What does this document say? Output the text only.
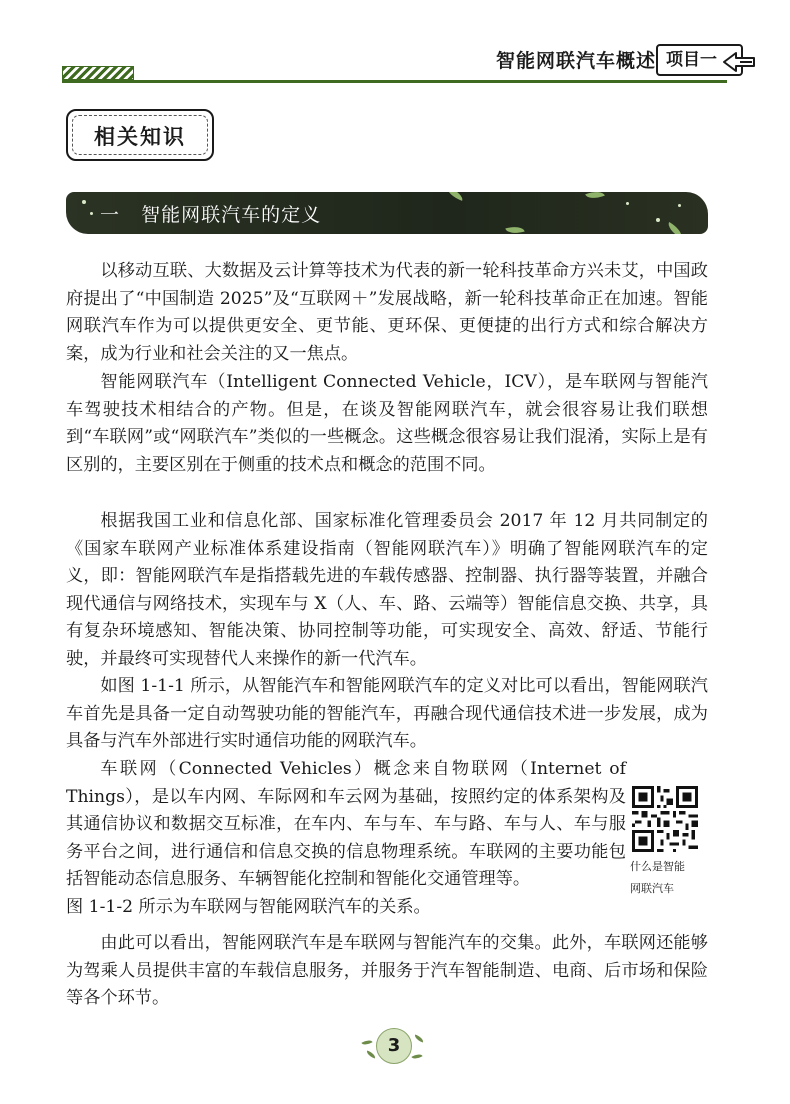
智能网联汽车概述 项目一
相关知识
一 智能网联汽车的定义

以移动互联、大数据及云计算等技术为代表的新一轮科技革命方兴未艾，中国政府提出了“中国制造 2025”及“互联网＋”发展战略，新一轮科技革命正在加速。智能网联汽车作为可以提供更安全、更节能、更环保、更便捷的出行方式和综合解决方案，成为行业和社会关注的又一焦点。

智能网联汽车（Intelligent Connected Vehicle，ICV），是车联网与智能汽车驾驶技术相结合的产物。但是，在谈及智能网联汽车，就会很容易让我们联想到“车联网”或“网联汽车”类似的一些概念。这些概念很容易让我们混淆，实际上是有区别的，主要区别在于侧重的技术点和概念的范围不同。

根据我国工业和信息化部、国家标准化管理委员会 2017 年 12 月共同制定的《国家车联网产业标准体系建设指南（智能网联汽车）》明确了智能网联汽车的定义，即：智能网联汽车是指搭载先进的车载传感器、控制器、执行器等装置，并融合现代通信与网络技术，实现车与 X（人、车、路、云端等）智能信息交换、共享，具有复杂环境感知、智能决策、协同控制等功能，可实现安全、高效、舒适、节能行驶，并最终可实现替代人来操作的新一代汽车。

如图 1-1-1 所示，从智能汽车和智能网联汽车的定义对比可以看出，智能网联汽车首先是具备一定自动驾驶功能的智能汽车，再融合现代通信技术进一步发展，成为具备与汽车外部进行实时通信功能的网联汽车。

车联网（Connected Vehicles）概念来自物联网（Internet of Things），是以车内网、车际网和车云网为基础，按照约定的体系架构及其通信协议和数据交互标准，在车内、车与车、车与路、车与人、车与服务平台之间，进行通信和信息交换的信息物理系统。车联网的主要功能包括智能动态信息服务、车辆智能化控制和智能化交通管理等。

图 1-1-2 所示为车联网与智能网联汽车的关系。

由此可以看出，智能网联汽车是车联网与智能汽车的交集。此外，车联网还能够为驾乘人员提供丰富的车载信息服务，并服务于汽车智能制造、电商、后市场和保险等各个环节。

什么是智能
网联汽车
3
